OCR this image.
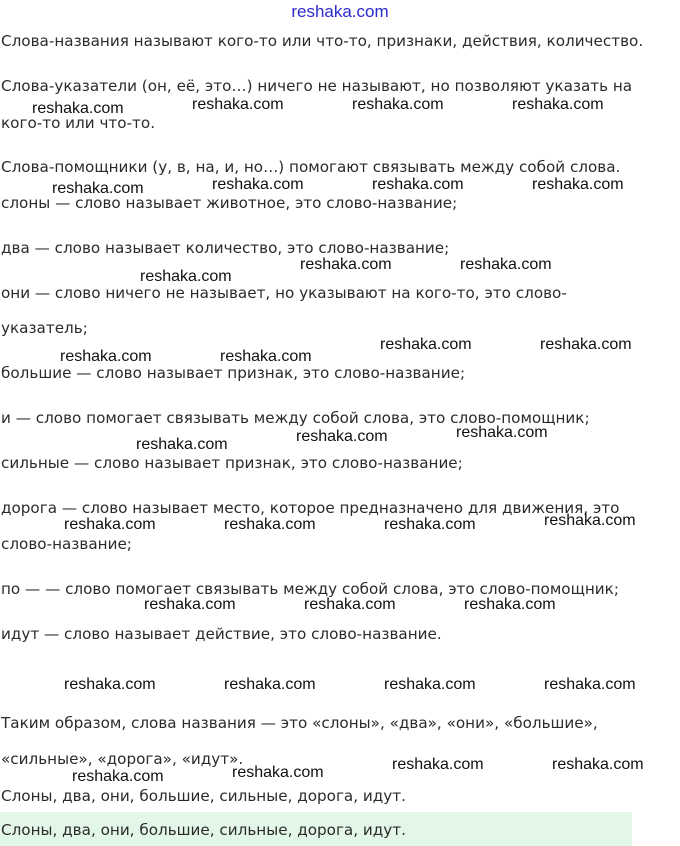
reshaka.com
Слова-названия называют кого-то или что-то, признаки, действия, количество.
Слова-указатели (он, её, это…) ничего не называют, но позволяют указать на
кого-то или что-то.
Слова-помощники (у, в, на, и, но…) помогают связывать между собой слова.
слоны — слово называет животное, это слово-название;
два — слово называет количество, это слово-название;
они — слово ничего не называет, но указывают на кого-то, это слово-
указатель;
большие — слово называет признак, это слово-название;
и — слово помогает связывать между собой слова, это слово-помощник;
сильные — слово называет признак, это слово-название;
дорога — слово называет место, которое предназначено для движения, это
слово-название;
по — — слово помогает связывать между собой слова, это слово-помощник;
идут — слово называет действие, это слово-название.
Таким образом, слова названия — это «слоны», «два», «они», «большие»,
«сильные», «дорога», «идут».
Слоны, два, они, большие, сильные, дорога, идут.
Слоны, два, они, большие, сильные, дорога, идут.
reshaka.com	reshaka.com	reshaka.com	reshaka.com
reshaka.com	reshaka.com	reshaka.com	reshaka.com
reshaka.com	reshaka.com
reshaka.com
reshaka.com	reshaka.com
reshaka.com	reshaka.com
reshaka.com
reshaka.com
reshaka.com
reshaka.com
reshaka.com	reshaka.com	reshaka.com
reshaka.com	reshaka.com	reshaka.com
reshaka.com	reshaka.com	reshaka.com	reshaka.com
reshaka.com	reshaka.com
reshaka.com
reshaka.com
